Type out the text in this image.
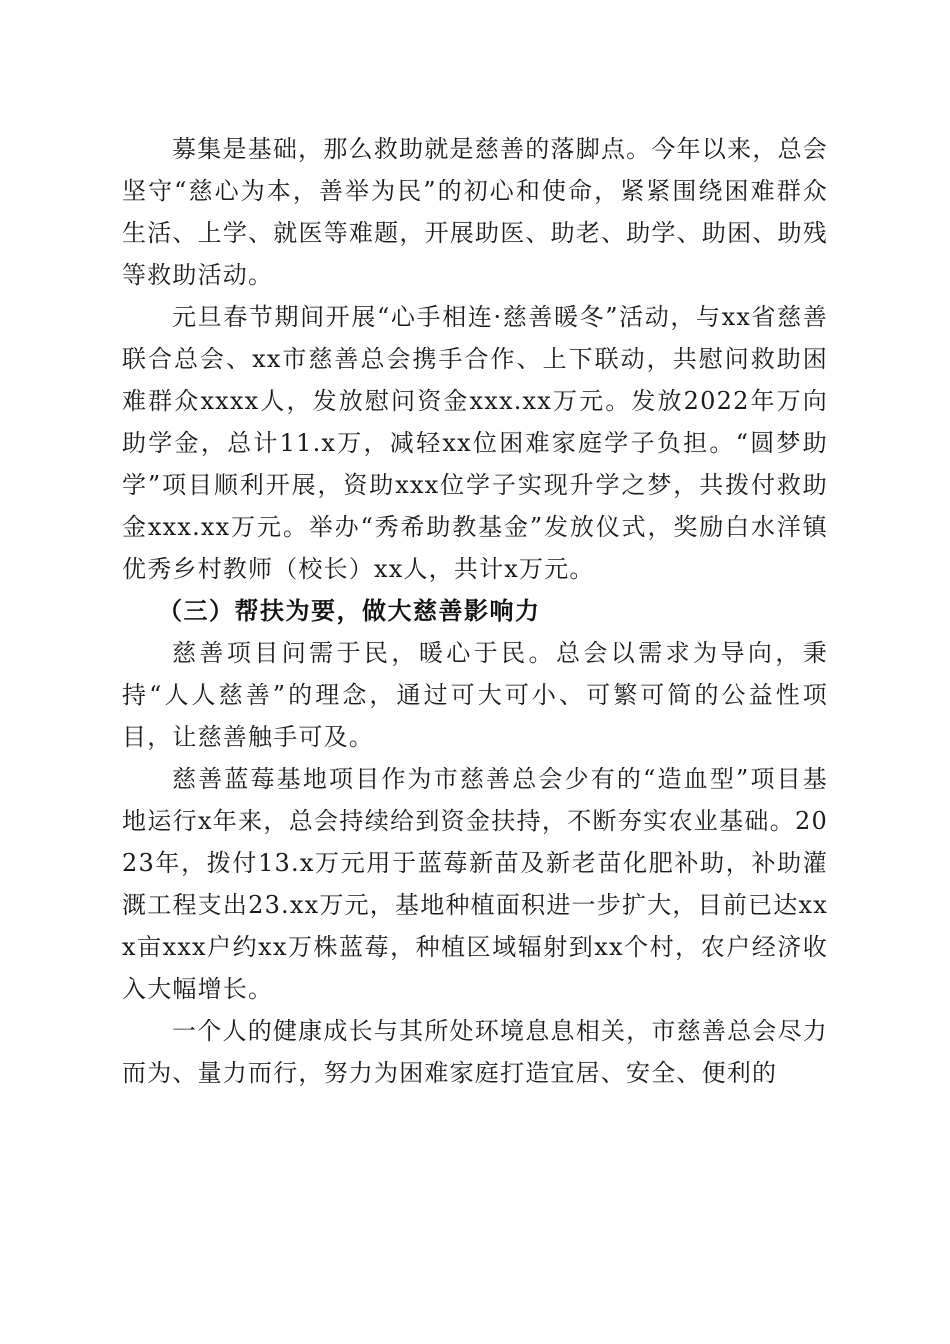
募集是基础，那么救助就是慈善的落脚点。今年以来，总会坚守“慈心为本，善举为民”的初心和使命，紧紧围绕困难群众生活、上学、就医等难题，开展助医、助老、助学、助困、助残等救助活动。

元旦春节期间开展“心手相连·慈善暖冬”活动，与xx省慈善联合总会、xx市慈善总会携手合作、上下联动，共慰问救助困难群众xxxx人，发放慰问资金xxx.xx万元。发放2022年万向助学金，总计11.x万，减轻xx位困难家庭学子负担。“圆梦助学”项目顺利开展，资助xxx位学子实现升学之梦，共拨付救助金xxx.xx万元。举办“秀希助教基金”发放仪式，奖励白水洋镇优秀乡村教师（校长）xx人，共计x万元。

（三）帮扶为要，做大慈善影响力

慈善项目问需于民，暖心于民。总会以需求为导向，秉持“人人慈善”的理念，通过可大可小、可繁可简的公益性项目，让慈善触手可及。

慈善蓝莓基地项目作为市慈善总会少有的“造血型”项目基地运行x年来，总会持续给到资金扶持，不断夯实农业基础。2023年，拨付13.x万元用于蓝莓新苗及新老苗化肥补助，补助灌溉工程支出23.xx万元，基地种植面积进一步扩大，目前已达xxx亩xxx户约xx万株蓝莓，种植区域辐射到xx个村，农户经济收入大幅增长。

一个人的健康成长与其所处环境息息相关，市慈善总会尽力而为、量力而行，努力为困难家庭打造宜居、安全、便利的
